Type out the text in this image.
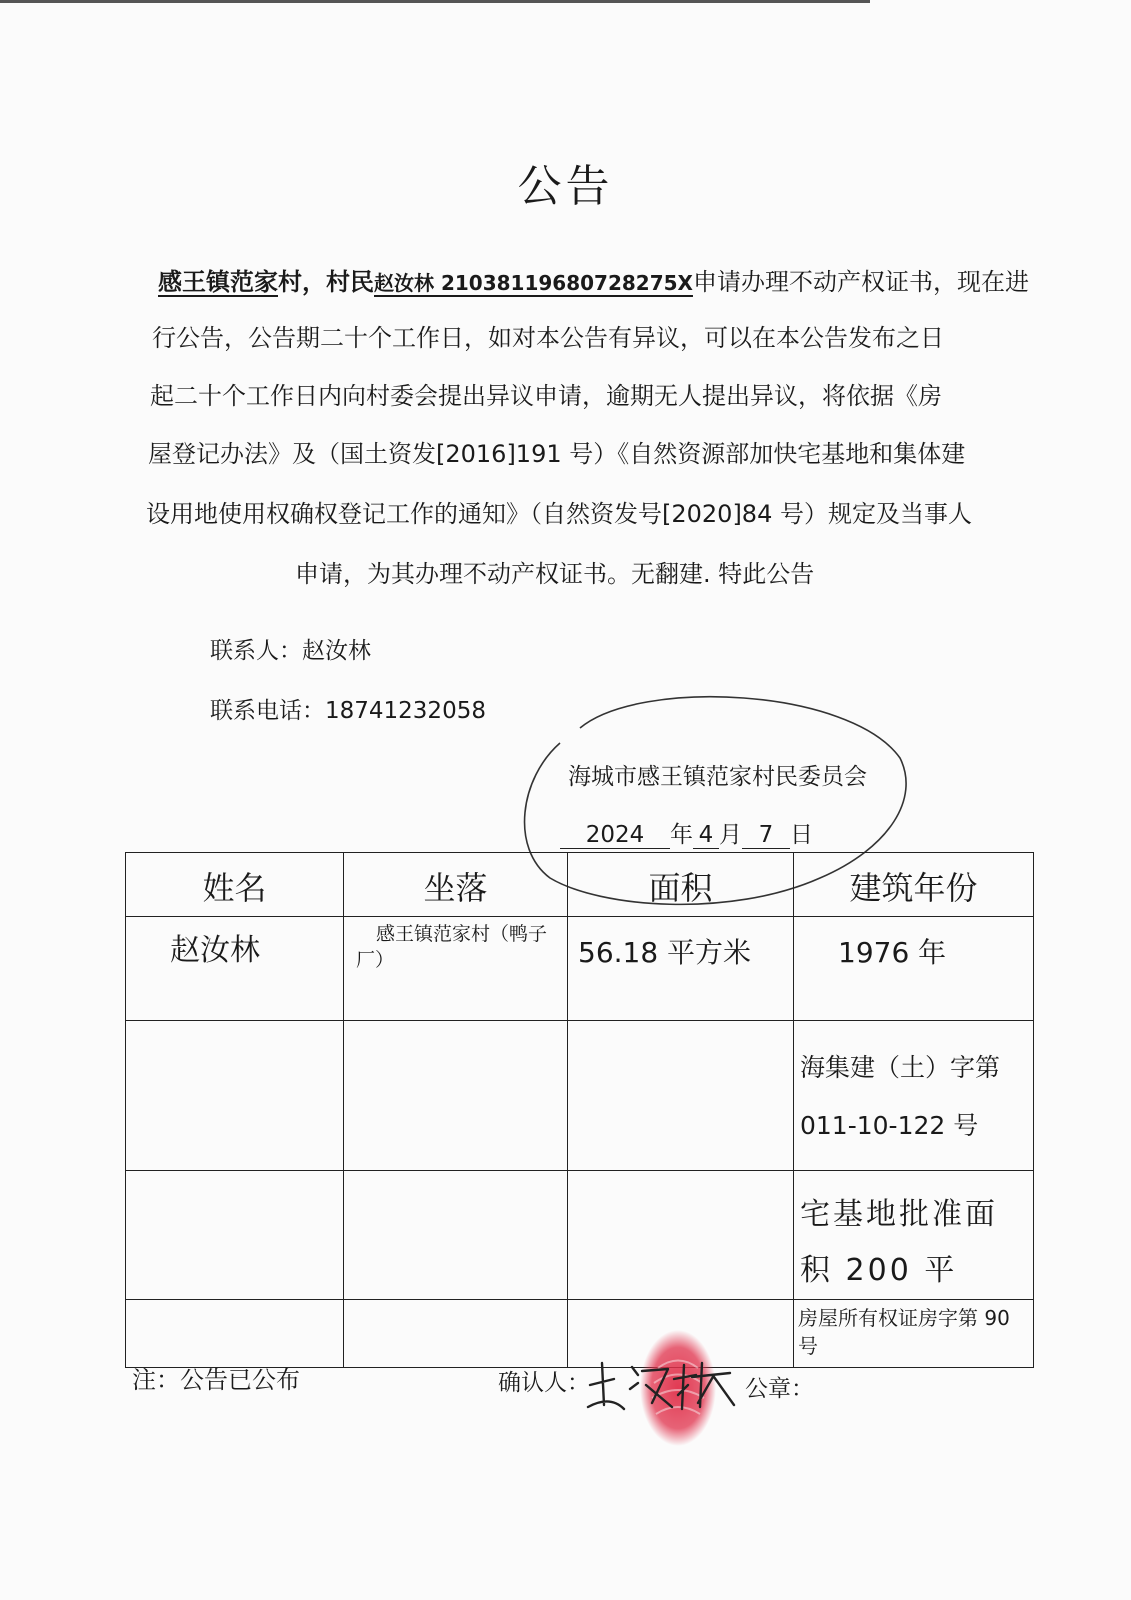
公告
感王镇范家村，村民赵汝林 21038119680728275X申请办理不动产权证书，现在进
行公告，公告期二十个工作日，如对本公告有异议，可以在本公告发布之日
起二十个工作日内向村委会提出异议申请，逾期无人提出异议，将依据《房
屋登记办法》及（国土资发[2016]191 号）《自然资源部加快宅基地和集体建
设用地使用权确权登记工作的通知》（自然资发号[2020]84 号）规定及当事人
申请，为其办理不动产权证书。无翻建. 特此公告
联系人：赵汝林
联系电话：18741232058
海城市感王镇范家村民委员会
2024 年 4 月 7 日
姓名	坐落	面积	建筑年份
赵汝林	感王镇范家村（鸭子厂）	56.18 平方米	1976 年

			海集建（土）字第
011-10-122 号

			宅基地批准面
积 200 平

			房屋所有权证房字第 90 号
注：公告已公布	确认人：	公章：
